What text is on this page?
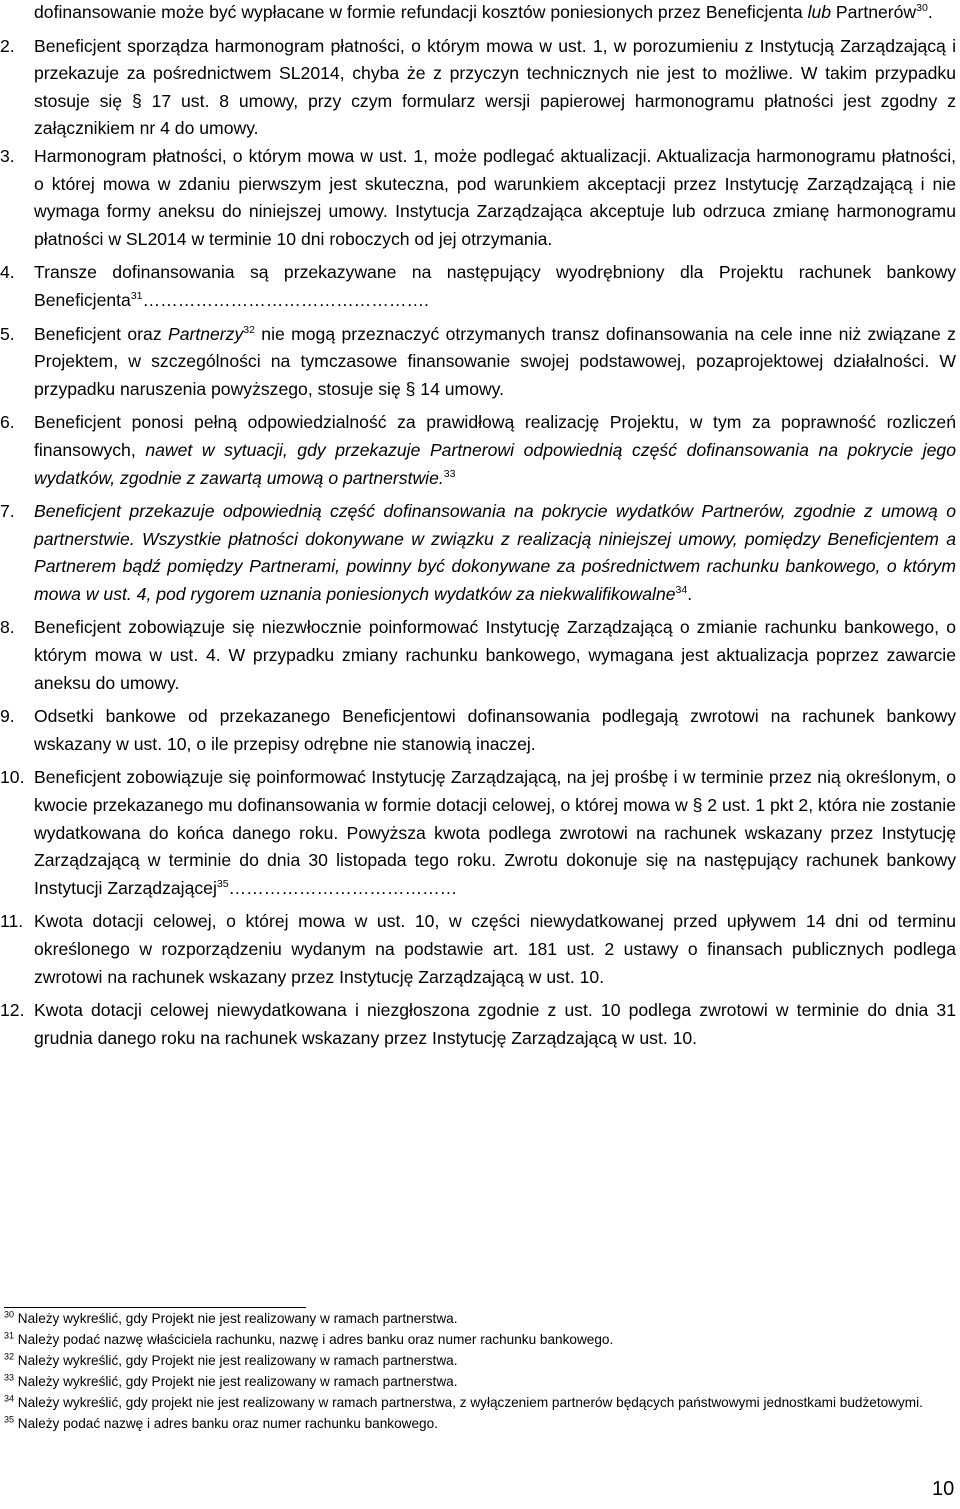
dofinansowanie może być wypłacane w formie refundacji kosztów poniesionych przez Beneficjenta lub Partnerów$^{30}$.

2. Beneficjent sporządza harmonogram płatności, o którym mowa w ust. 1, w porozumieniu z Instytucją Zarządzającą i przekazuje za pośrednictwem SL2014, chyba że z przyczyn technicznych nie jest to możliwe. W takim przypadku stosuje się § 17 ust. 8 umowy, przy czym formularz wersji papierowej harmonogramu płatności jest zgodny z załącznikiem nr 4 do umowy.

3. Harmonogram płatności, o którym mowa w ust. 1, może podlegać aktualizacji. Aktualizacja harmonogramu płatności, o której mowa w zdaniu pierwszym jest skuteczna, pod warunkiem akceptacji przez Instytucję Zarządzającą i nie wymaga formy aneksu do niniejszej umowy. Instytucja Zarządzająca akceptuje lub odrzuca zmianę harmonogramu płatności w SL2014 w terminie 10 dni roboczych od jej otrzymania.

4. Transze dofinansowania są przekazywane na następujący wyodrębniony dla Projektu rachunek bankowy Beneficjenta$^{31}$………………………………………….

5. Beneficjent oraz Partnerzy$^{32}$ nie mogą przeznaczyć otrzymanych transz dofinansowania na cele inne niż związane z Projektem, w szczególności na tymczasowe finansowanie swojej podstawowej, pozaprojektowej działalności. W przypadku naruszenia powyższego, stosuje się § 14 umowy.

6. Beneficjent ponosi pełną odpowiedzialność za prawidłową realizację Projektu, w tym za poprawność rozliczeń finansowych, nawet w sytuacji, gdy przekazuje Partnerowi odpowiednią część dofinansowania na pokrycie jego wydatków, zgodnie z zawartą umową o partnerstwie.$^{33}$

7. Beneficjent przekazuje odpowiednią część dofinansowania na pokrycie wydatków Partnerów, zgodnie z umową o partnerstwie. Wszystkie płatności dokonywane w związku z realizacją niniejszej umowy, pomiędzy Beneficjentem a Partnerem bądź pomiędzy Partnerami, powinny być dokonywane za pośrednictwem rachunku bankowego, o którym mowa w ust. 4, pod rygorem uznania poniesionych wydatków za niekwalifikowalne$^{34}$.

8. Beneficjent zobowiązuje się niezwłocznie poinformować Instytucję Zarządzającą o zmianie rachunku bankowego, o którym mowa w ust. 4. W przypadku zmiany rachunku bankowego, wymagana jest aktualizacja poprzez zawarcie aneksu do umowy.

9. Odsetki bankowe od przekazanego Beneficjentowi dofinansowania podlegają zwrotowi na rachunek bankowy wskazany w ust. 10, o ile przepisy odrębne nie stanowią inaczej.

10. Beneficjent zobowiązuje się poinformować Instytucję Zarządzającą, na jej prośbę i w terminie przez nią określonym, o kwocie przekazanego mu dofinansowania w formie dotacji celowej, o której mowa w § 2 ust. 1 pkt 2, która nie zostanie wydatkowana do końca danego roku. Powyższa kwota podlega zwrotowi na rachunek wskazany przez Instytucję Zarządzającą w terminie do dnia 30 listopada tego roku. Zwrotu dokonuje się na następujący rachunek bankowy Instytucji Zarządzającej$^{35}$…………………………………

11. Kwota dotacji celowej, o której mowa w ust. 10, w części niewydatkowanej przed upływem 14 dni od terminu określonego w rozporządzeniu wydanym na podstawie art. 181 ust. 2 ustawy o finansach publicznych podlega zwrotowi na rachunek wskazany przez Instytucję Zarządzającą w ust. 10.

12. Kwota dotacji celowej niewydatkowana i niezgłoszona zgodnie z ust. 10 podlega zwrotowi w terminie do dnia 31 grudnia danego roku na rachunek wskazany przez Instytucję Zarządzającą w ust. 10.

$^{30}$ Należy wykreślić, gdy Projekt nie jest realizowany w ramach partnerstwa.

$^{31}$ Należy podać nazwę właściciela rachunku, nazwę i adres banku oraz numer rachunku bankowego.

$^{32}$ Należy wykreślić, gdy Projekt nie jest realizowany w ramach partnerstwa.

$^{33}$ Należy wykreślić, gdy Projekt nie jest realizowany w ramach partnerstwa.

$^{34}$ Należy wykreślić, gdy projekt nie jest realizowany w ramach partnerstwa, z wyłączeniem partnerów będących państwowymi jednostkami budżetowymi.

$^{35}$ Należy podać nazwę i adres banku oraz numer rachunku bankowego.

10
